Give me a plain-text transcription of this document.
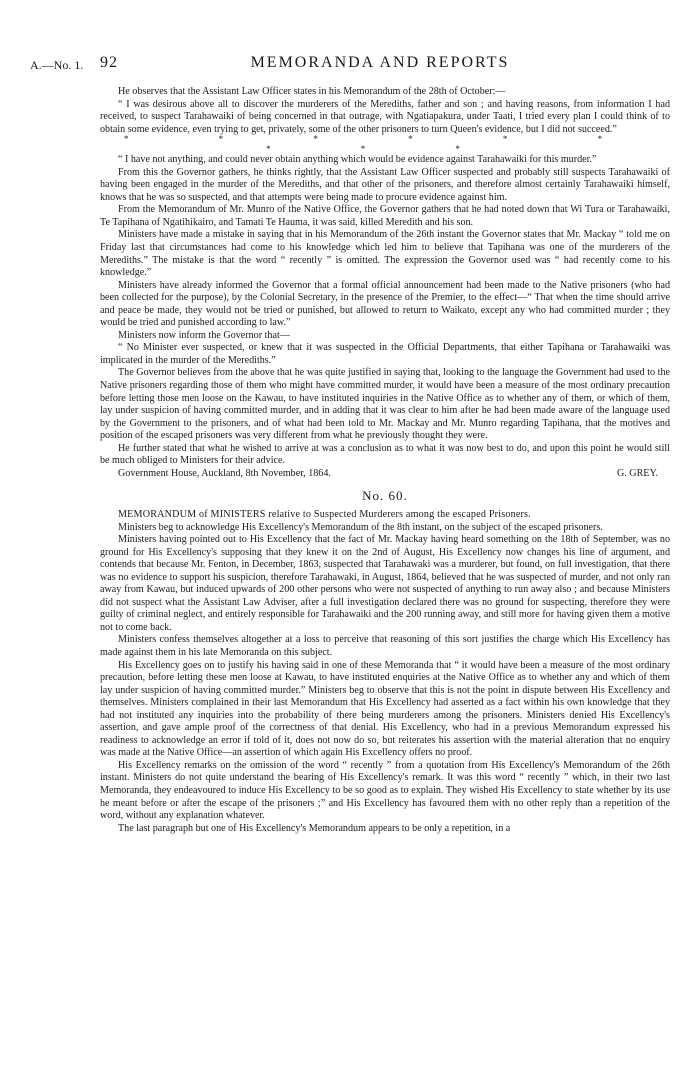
A.—No. 1. 92	MEMORANDA AND REPORTS

He observes that the Assistant Law Officer states in his Memorandum of the 28th of October:—

“ I was desirous above all to discover the murderers of the Merediths, father and son ; and having reasons, from information I had received, to suspect Tarahawaiki of being concerned in that outrage, with Ngatiapakura, under Taati, I tried every plan I could think of to obtain some evidence, even trying to get, privately, some of the other prisoners to turn Queen's evidence, but I did not succeed.”

* * * * * * * * *

“ I have not anything, and could never obtain anything which would be evidence against Tarahawaiki for this murder.”

From this the Governor gathers, he thinks rightly, that the Assistant Law Officer suspected and probably still suspects Tarahawaiki of having been engaged in the murder of the Merediths, and that other of the prisoners, and therefore almost certainly Tarahawaiki himself, knows that he was so suspected, and that attempts were being made to procure evidence against him.

From the Memorandum of Mr. Munro of the Native Office, the Governor gathers that he had noted down that Wi Tura or Tarahawaiki, Te Tapihana of Ngatihikairo, and Tamati Te Hauma, it was said, killed Meredith and his son.

Ministers have made a mistake in saying that in his Memorandum of the 26th instant the Governor states that Mr. Mackay “ told me on Friday last that circumstances had come to his knowledge which led him to believe that Tapihana was one of the murderers of the Merediths.” The mistake is that the word “ recently ” is omitted. The expression the Governor used was “ had recently come to his knowledge.”

Ministers have already informed the Governor that a formal official announcement had been made to the Native prisoners (who had been collected for the purpose), by the Colonial Secretary, in the presence of the Premier, to the effect—“ That when the time should arrive and peace be made, they would not be tried or punished, but allowed to return to Waikato, except any who had committed murder ; they would be tried and punished according to law.”

Ministers now inform the Governor that—

“ No Minister ever suspected, or knew that it was suspected in the Official Departments, that either Tapihana or Tarahawaiki was implicated in the murder of the Merediths.”

The Governor believes from the above that he was quite justified in saying that, looking to the language the Government had used to the Native prisoners regarding those of them who might have committed murder, it would have been a measure of the most ordinary precaution before letting those men loose on the Kawau, to have instituted inquiries in the Native Office as to whether any of them, or which of them, lay under suspicion of having committed murder, and in adding that it was clear to him after he had been made aware of the language used by the Government to the prisoners, and of what had been told to Mr. Mackay and Mr. Munro regarding Tapihana, that the motives and position of the escaped prisoners was very different from what he previously thought they were.

He further stated that what he wished to arrive at was a conclusion as to what it was now best to do, and upon this point he would still be much obliged to Ministers for their advice.

Government House, Auckland, 8th November, 1864.	G. GREY.
No. 60.

MEMORANDUM of MINISTERS relative to Suspected Murderers among the escaped Prisoners.

Ministers beg to acknowledge His Excellency's Memorandum of the 8th instant, on the subject of the escaped prisoners.

Ministers having pointed out to His Excellency that the fact of Mr. Mackay having heard something on the 18th of September, was no ground for His Excellency's supposing that they knew it on the 2nd of August, His Excellency now changes his line of argument, and contends that because Mr. Fenton, in December, 1863, suspected that Tarahawaki was a murderer, but found, on full investigation, that there was no evidence to support his suspicion, therefore Tarahawaki, in August, 1864, believed that he was suspected of murder, and not only ran away from Kawau, but induced upwards of 200 other persons who were not suspected of anything to run away also ; and because Ministers did not suspect what the Assistant Law Adviser, after a full investigation declared there was no ground for suspecting, therefore they were guilty of criminal neglect, and entirely responsible for Tarahawaiki and the 200 running away, and still more for having given them a motive not to come back.

Ministers confess themselves altogether at a loss to perceive that reasoning of this sort justifies the charge which His Excellency has made against them in his late Memoranda on this subject.

His Excellency goes on to justify his having said in one of these Memoranda that “ it would have been a measure of the most ordinary precaution, before letting these men loose at Kawau, to have instituted enquiries at the Native Office as to whether any and which of them lay under suspicion of having committed murder.” Ministers beg to observe that this is not the point in dispute between His Excellency and themselves. Ministers complained in their last Memorandum that His Excellency had asserted as a fact within his own knowledge that they had not instituted any inquiries into the probability of there being murderers among the prisoners. Ministers denied His Excellency's assertion, and gave ample proof of the correctness of that denial. His Excellency, who had in a previous Memorandum expressed his readiness to acknowledge an error if told of it, does not now do so, but reiterates his assertion with the material alteration that no enquiry was made at the Native Office—an assertion of which again His Excellency offers no proof.

His Excellency remarks on the omission of the word “ recently ” from a quotation from His Excellency's Memorandum of the 26th instant. Ministers do not quite understand the bearing of His Excellency's remark. It was this word “ recently ” which, in their two last Memoranda, they endeavoured to induce His Excellency to be so good as to explain. They wished His Excellency to state whether by its use he meant before or after the escape of the prisoners ;” and His Excellency has favoured them with no other reply than a repetition of the word, without any explanation whatever.

The last paragraph but one of His Excellency's Memorandum appears to be only a repetition, in a
